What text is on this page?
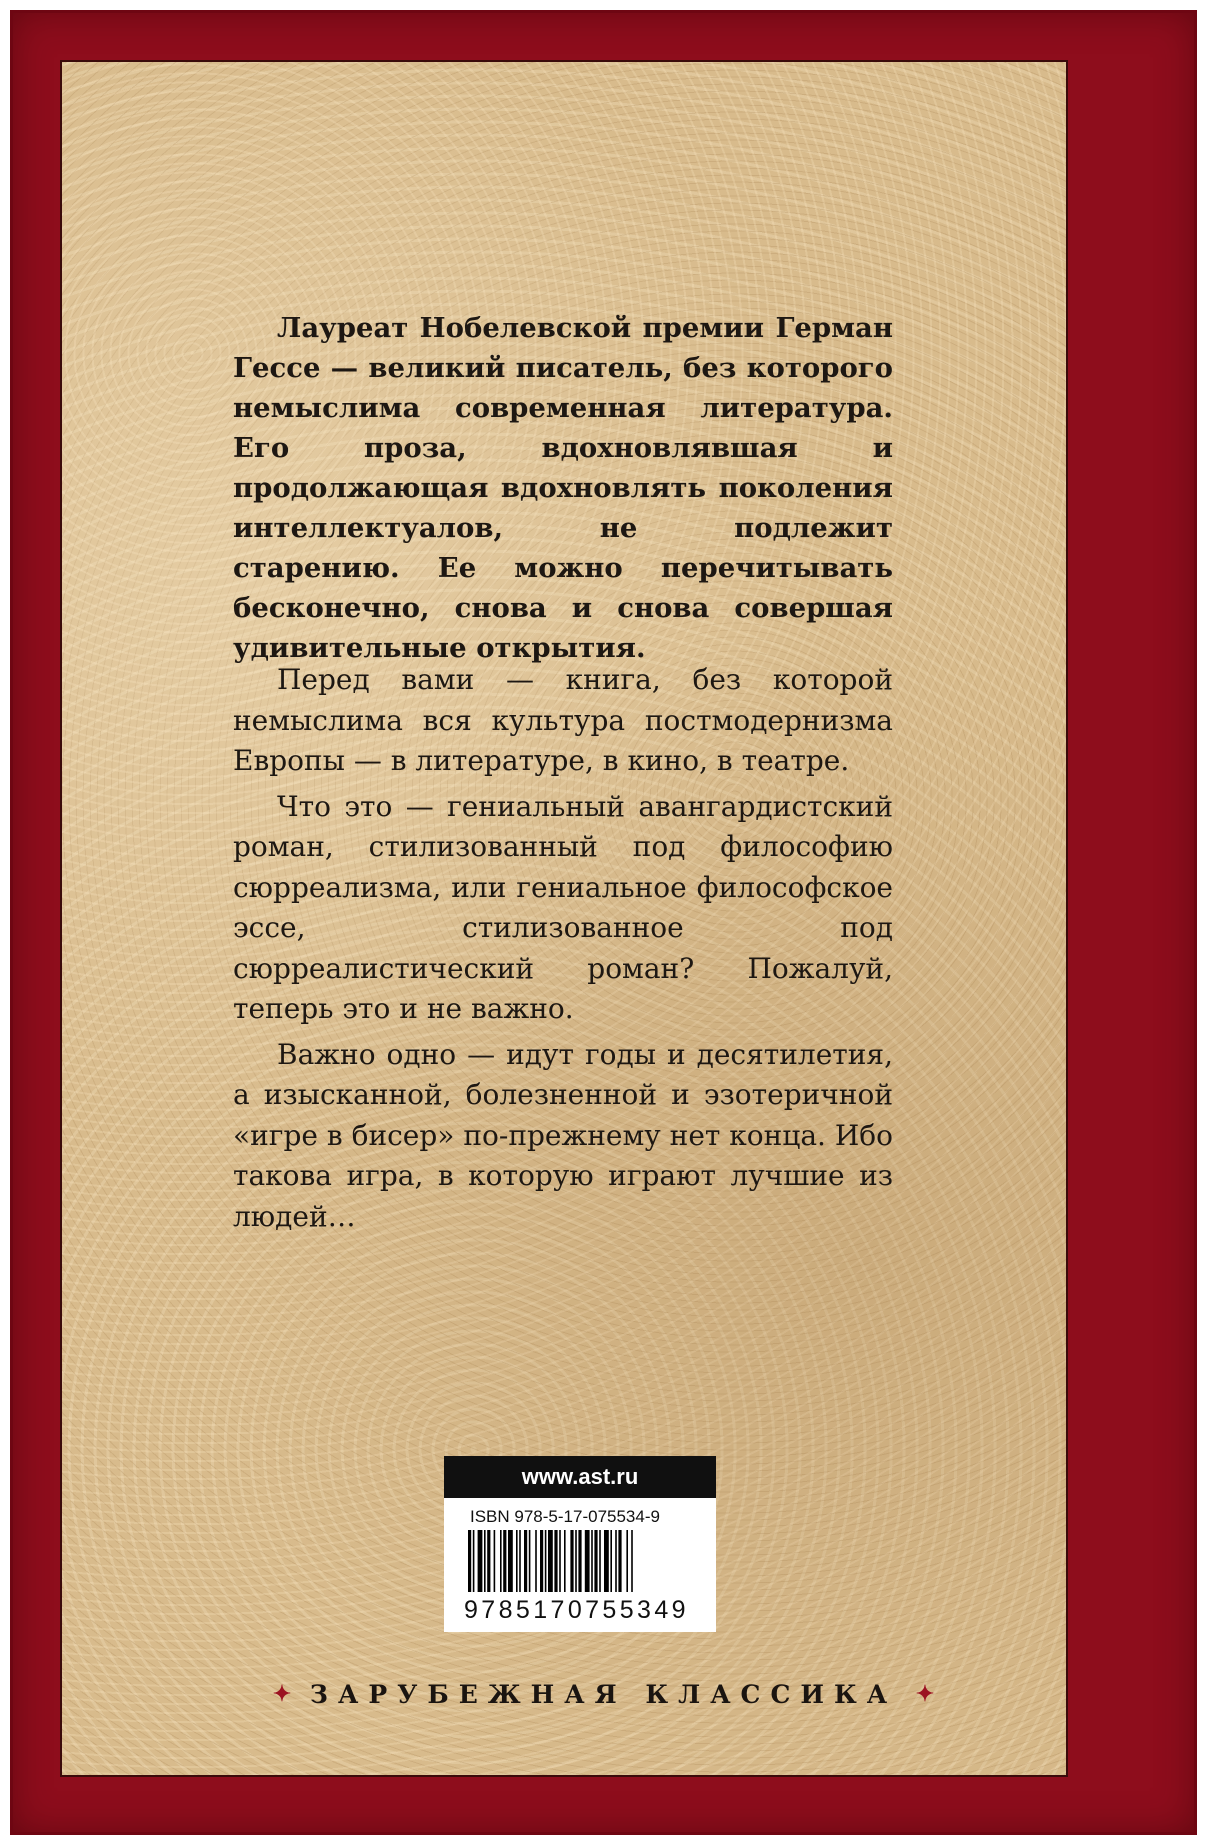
Лауреат Нобелевской премии Герман Гессе — великий писатель, без которого немыслима современная литература. Его проза, вдохновлявшая и продолжающая вдохновлять поколения интеллектуалов, не подлежит старению. Ее можно перечитывать бесконечно, снова и снова совершая удивительные открытия.

Перед вами — книга, без которой немыслима вся культура постмодернизма Европы — в литературе, в кино, в театре.

Что это — гениальный авангардистский роман, стилизованный под философию сюрреализма, или гениальное философское эссе, стилизованное под сюрреалистический роман? Пожалуй, теперь это и не важно.

Важно одно — идут годы и десятилетия, а изысканной, болезненной и эзотеричной «игре в бисер» по-прежнему нет конца. Ибо такова игра, в которую играют лучшие из людей…

www.ast.ru
ISBN 978-5-17-075534-9
9785170755349
✦ ЗАРУБЕЖНАЯ КЛАССИКА ✦
